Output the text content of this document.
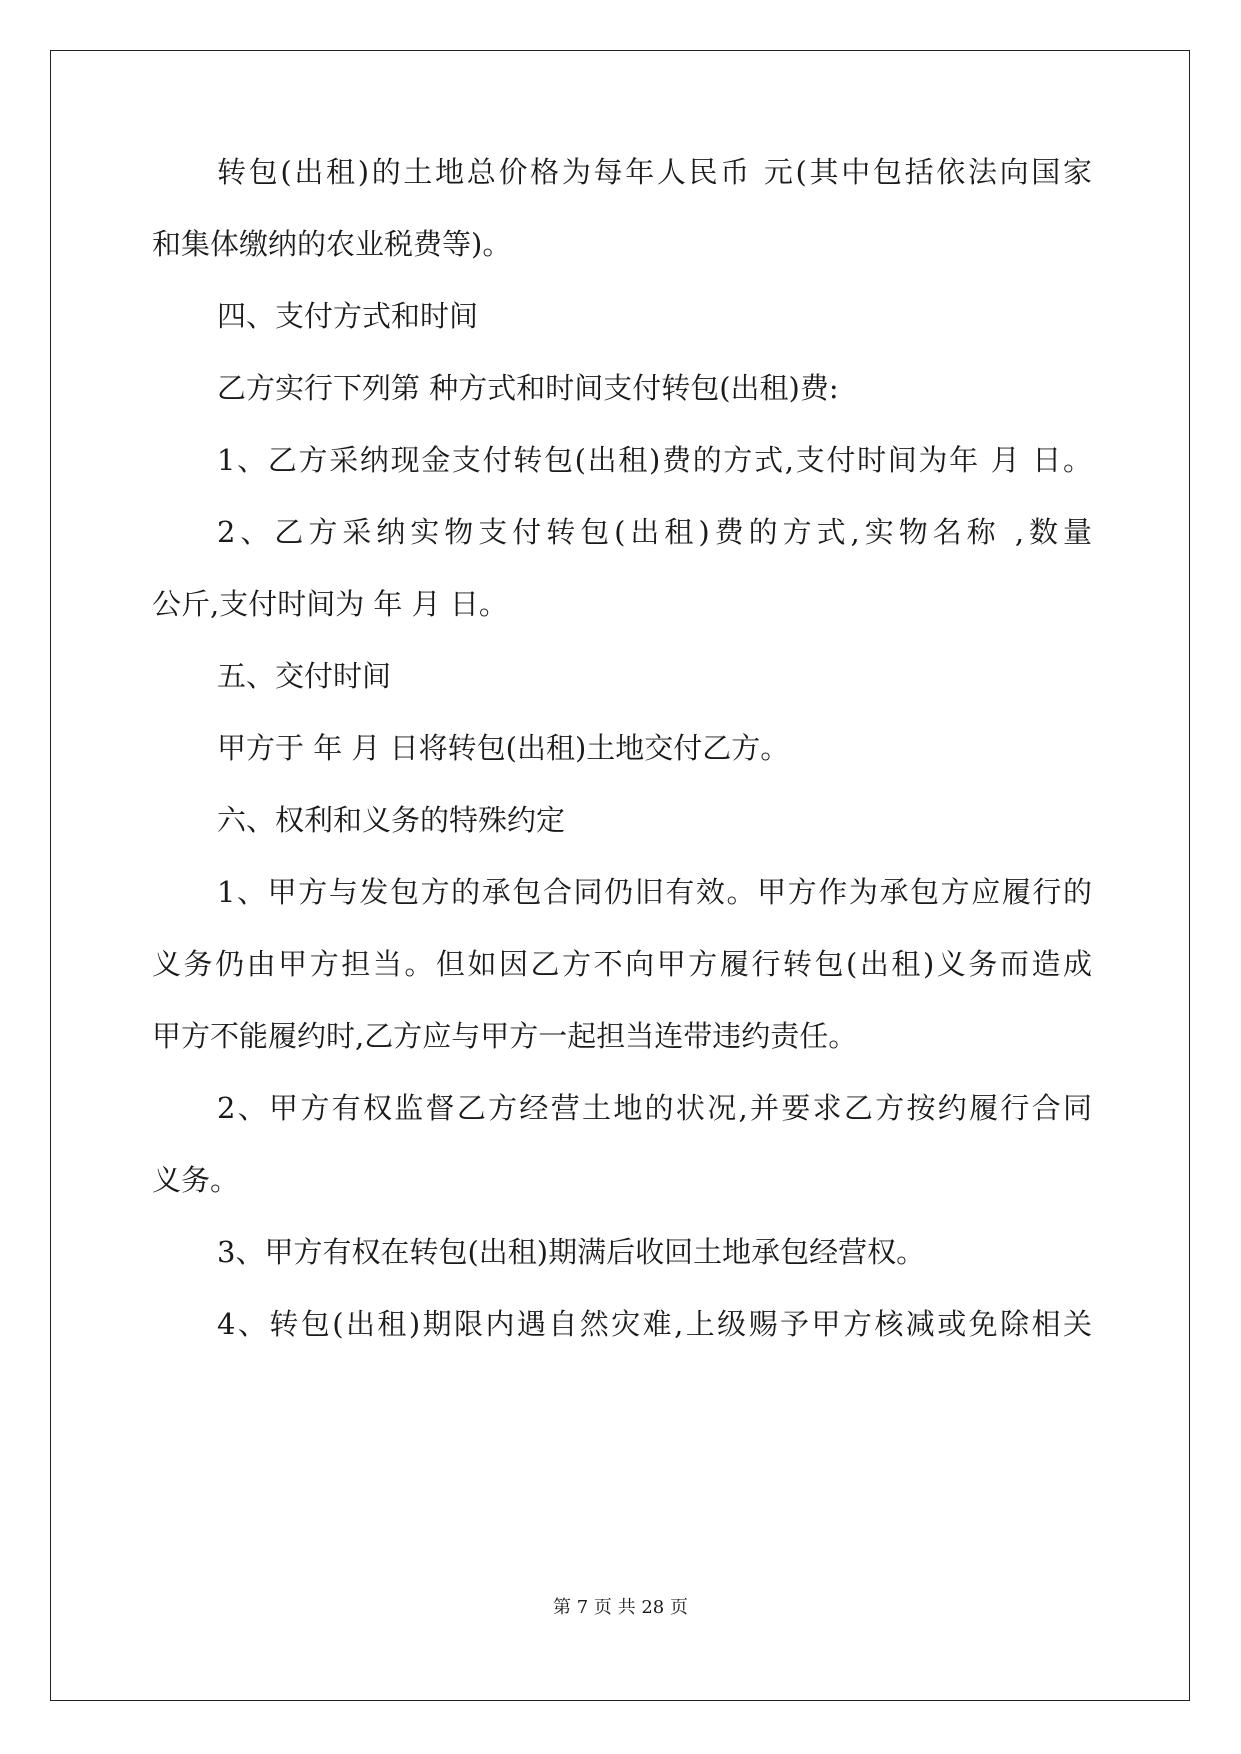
转包(出租)的土地总价格为每年人民币 元(其中包括依法向国家

和集体缴纳的农业税费等)。

四、支付方式和时间

乙方实行下列第 种方式和时间支付转包(出租)费:

1、乙方采纳现金支付转包(出租)费的方式,支付时间为年 月 日。

2、乙方采纳实物支付转包(出租)费的方式,实物名称 ,数量

公斤,支付时间为 年 月 日。

五、交付时间

甲方于 年 月 日将转包(出租)土地交付乙方。

六、权利和义务的特殊约定

1、甲方与发包方的承包合同仍旧有效。甲方作为承包方应履行的

义务仍由甲方担当。但如因乙方不向甲方履行转包(出租)义务而造成

甲方不能履约时,乙方应与甲方一起担当连带违约责任。

2、甲方有权监督乙方经营土地的状况,并要求乙方按约履行合同

义务。

3、甲方有权在转包(出租)期满后收回土地承包经营权。

4、转包(出租)期限内遇自然灾难,上级赐予甲方核减或免除相关

第 7 页 共 28 页
